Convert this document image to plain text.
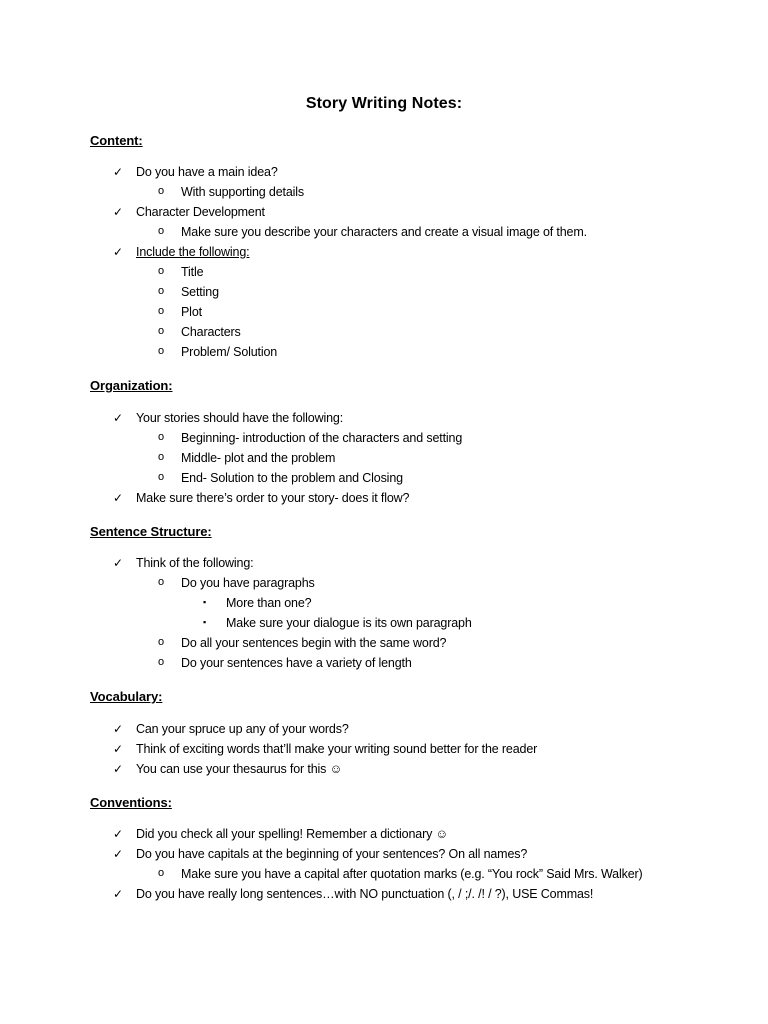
Story Writing Notes:
Content:
✓ Do you have a main idea?
o With supporting details
✓ Character Development
o Make sure you describe your characters and create a visual image of them.
✓ Include the following:
o Title
o Setting
o Plot
o Characters
o Problem/ Solution
Organization:
✓ Your stories should have the following:
o Beginning- introduction of the characters and setting
o Middle- plot and the problem
o End- Solution to the problem and Closing
✓ Make sure there’s order to your story- does it flow?
Sentence Structure:
✓ Think of the following:
o Do you have paragraphs
▪ More than one?
▪ Make sure your dialogue is its own paragraph
o Do all your sentences begin with the same word?
o Do your sentences have a variety of length
Vocabulary:
✓ Can your spruce up any of your words?
✓ Think of exciting words that’ll make your writing sound better for the reader
✓ You can use your thesaurus for this ☺
Conventions:
✓ Did you check all your spelling! Remember a dictionary ☺
✓ Do you have capitals at the beginning of your sentences? On all names?
o Make sure you have a capital after quotation marks (e.g. “You rock” Said Mrs. Walker)
✓ Do you have really long sentences…with NO punctuation (, / ;/. /! / ?), USE Commas!
